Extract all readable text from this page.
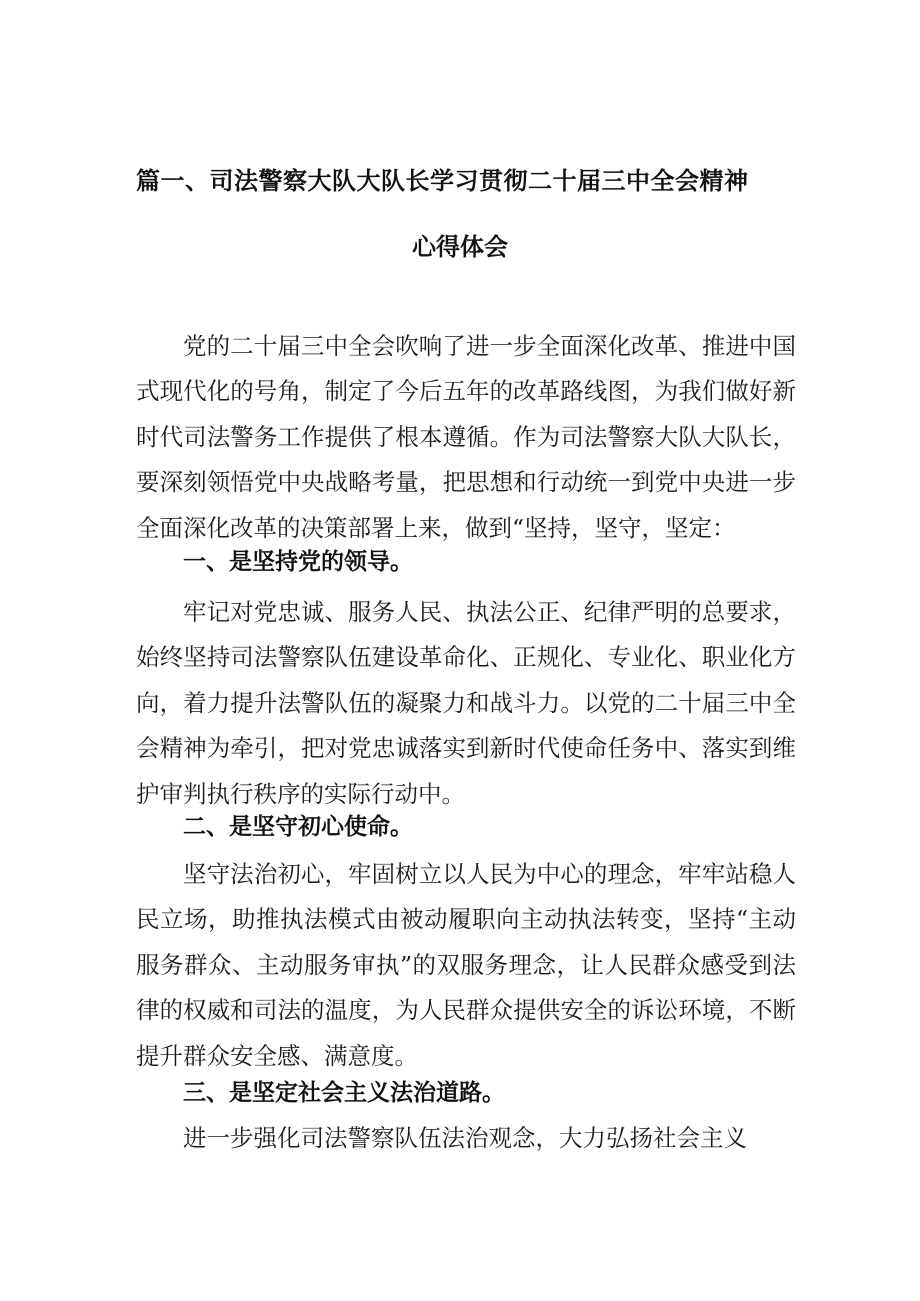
篇一、司法警察大队大队长学习贯彻二十届三中全会精神
心得体会

党的二十届三中全会吹响了进一步全面深化改革、推进中国式现代化的号角，制定了今后五年的改革路线图，为我们做好新时代司法警务工作提供了根本遵循。作为司法警察大队大队长，要深刻领悟党中央战略考量，把思想和行动统一到党中央进一步全面深化改革的决策部署上来，做到“坚持，坚守，坚定：

一、是坚持党的领导。

牢记对党忠诚、服务人民、执法公正、纪律严明的总要求，始终坚持司法警察队伍建设革命化、正规化、专业化、职业化方向，着力提升法警队伍的凝聚力和战斗力。以党的二十届三中全会精神为牵引，把对党忠诚落实到新时代使命任务中、落实到维护审判执行秩序的实际行动中。

二、是坚守初心使命。

坚守法治初心，牢固树立以人民为中心的理念，牢牢站稳人民立场，助推执法模式由被动履职向主动执法转变，坚持“主动服务群众、主动服务审执”的双服务理念，让人民群众感受到法律的权威和司法的温度，为人民群众提供安全的诉讼环境，不断提升群众安全感、满意度。

三、是坚定社会主义法治道路。

进一步强化司法警察队伍法治观念，大力弘扬社会主义
